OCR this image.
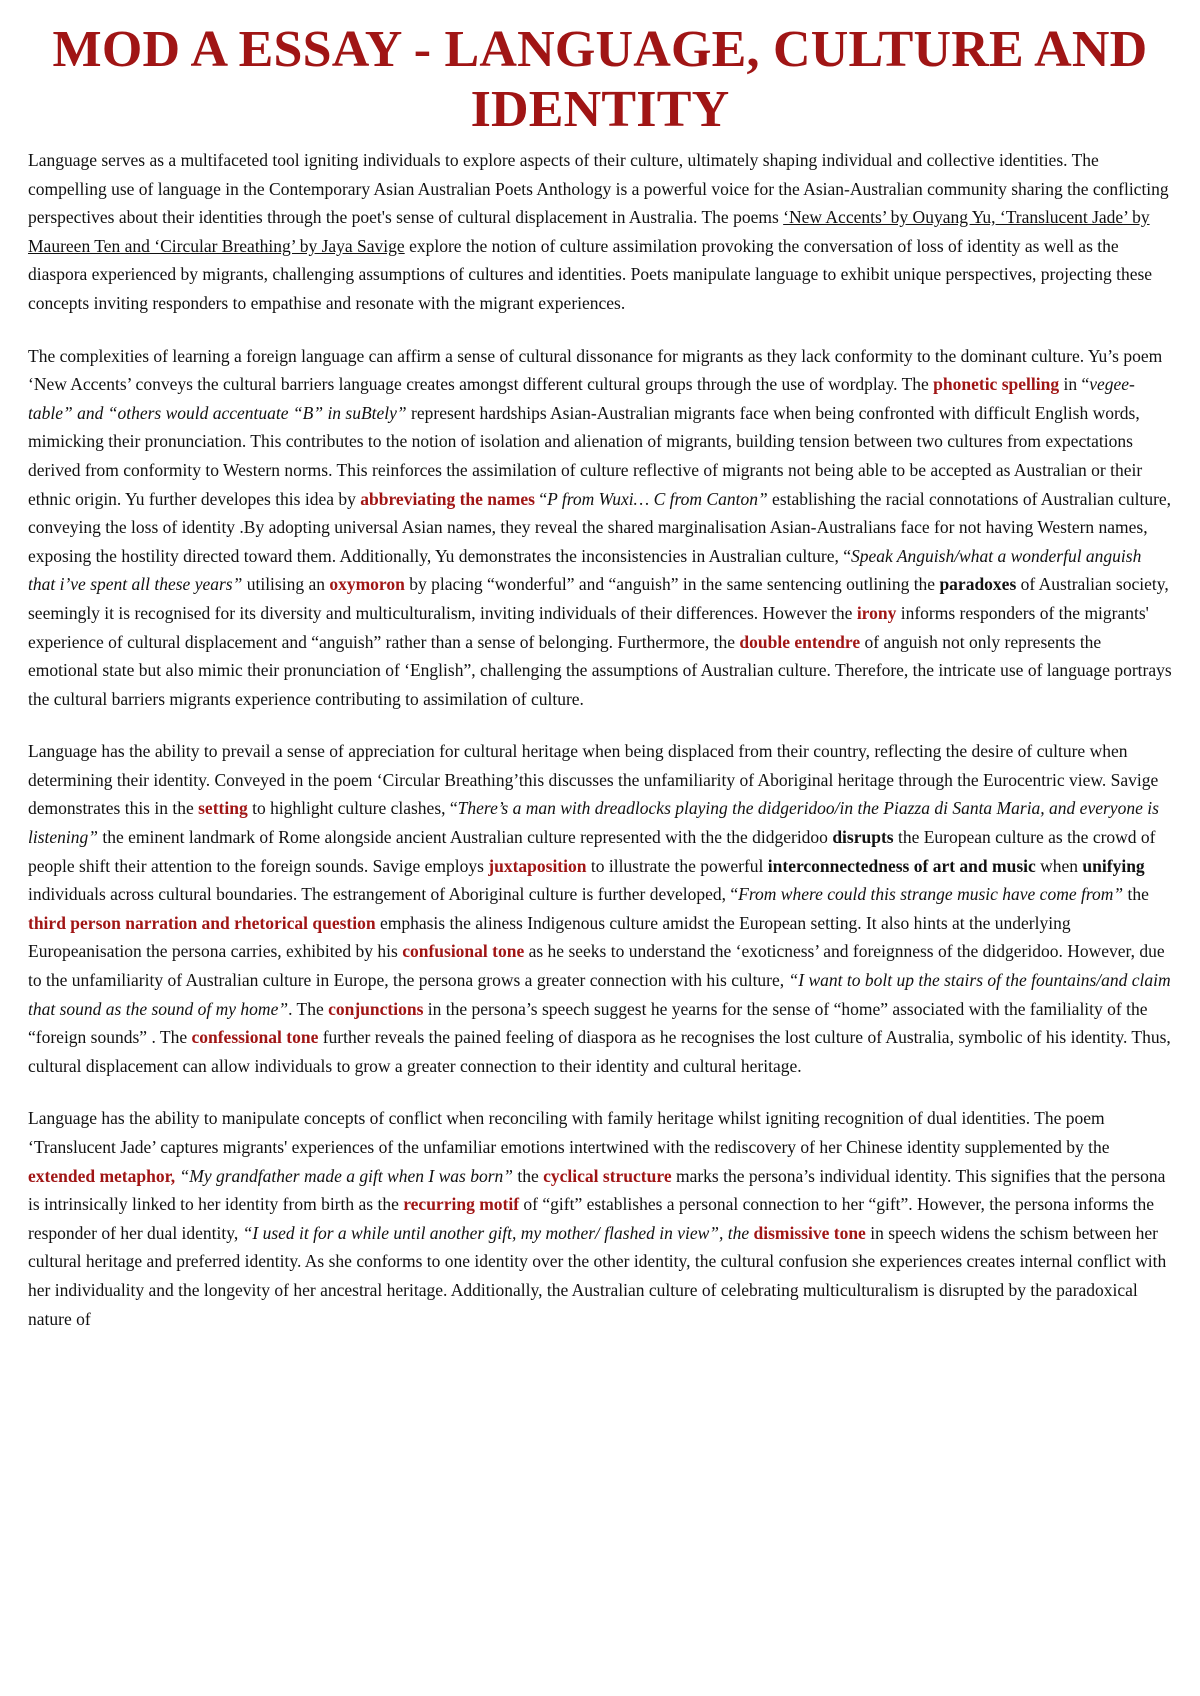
MOD A ESSAY - LANGUAGE, CULTURE AND IDENTITY

Language serves as a multifaceted tool igniting individuals to explore aspects of their culture, ultimately shaping individual and collective identities. The compelling use of language in the Contemporary Asian Australian Poets Anthology is a powerful voice for the Asian-Australian community sharing the conflicting perspectives about their identities through the poet's sense of cultural displacement in Australia. The poems ‘New Accents’ by Ouyang Yu, ‘Translucent Jade’ by Maureen Ten and ‘Circular Breathing’ by Jaya Savige explore the notion of culture assimilation provoking the conversation of loss of identity as well as the diaspora experienced by migrants, challenging assumptions of cultures and identities. Poets manipulate language to exhibit unique perspectives, projecting these concepts inviting responders to empathise and resonate with the migrant experiences.

The complexities of learning a foreign language can affirm a sense of cultural dissonance for migrants as they lack conformity to the dominant culture. Yu’s poem ‘New Accents’ conveys the cultural barriers language creates amongst different cultural groups through the use of wordplay. The phonetic spelling in “vegee-table” and “others would accentuate “B” in suBtely” represent hardships Asian-Australian migrants face when being confronted with difficult English words, mimicking their pronunciation. This contributes to the notion of isolation and alienation of migrants, building tension between two cultures from expectations derived from conformity to Western norms. This reinforces the assimilation of culture reflective of migrants not being able to be accepted as Australian or their ethnic origin. Yu further developes this idea by abbreviating the names “P from Wuxi… C from Canton” establishing the racial connotations of Australian culture, conveying the loss of identity .By adopting universal Asian names, they reveal the shared marginalisation Asian-Australians face for not having Western names, exposing the hostility directed toward them. Additionally, Yu demonstrates the inconsistencies in Australian culture, “Speak Anguish/what a wonderful anguish that i’ve spent all these years” utilising an oxymoron by placing “wonderful” and “anguish” in the same sentencing outlining the paradoxes of Australian society, seemingly it is recognised for its diversity and multiculturalism, inviting individuals of their differences. However the irony informs responders of the migrants' experience of cultural displacement and “anguish” rather than a sense of belonging. Furthermore, the double entendre of anguish not only represents the emotional state but also mimic their pronunciation of ‘English”, challenging the assumptions of Australian culture. Therefore, the intricate use of language portrays the cultural barriers migrants experience contributing to assimilation of culture.

Language has the ability to prevail a sense of appreciation for cultural heritage when being displaced from their country, reflecting the desire of culture when determining their identity. Conveyed in the poem ‘Circular Breathing’this discusses the unfamiliarity of Aboriginal heritage through the Eurocentric view. Savige demonstrates this in the setting to highlight culture clashes, “There’s a man with dreadlocks playing the didgeridoo/in the Piazza di Santa Maria, and everyone is listening” the eminent landmark of Rome alongside ancient Australian culture represented with the the didgeridoo disrupts the European culture as the crowd of people shift their attention to the foreign sounds. Savige employs juxtaposition to illustrate the powerful interconnectedness of art and music when unifying individuals across cultural boundaries. The estrangement of Aboriginal culture is further developed, “From where could this strange music have come from” the third person narration and rhetorical question emphasis the aliness Indigenous culture amidst the European setting. It also hints at the underlying Europeanisation the persona carries, exhibited by his confusional tone as he seeks to understand the ‘exoticness’ and foreignness of the didgeridoo. However, due to the unfamiliarity of Australian culture in Europe, the persona grows a greater connection with his culture, “I want to bolt up the stairs of the fountains/and claim that sound as the sound of my home”. The conjunctions in the persona’s speech suggest he yearns for the sense of “home” associated with the familiality of the “foreign sounds” . The confessional tone further reveals the pained feeling of diaspora as he recognises the lost culture of Australia, symbolic of his identity. Thus, cultural displacement can allow individuals to grow a greater connection to their identity and cultural heritage.

Language has the ability to manipulate concepts of conflict when reconciling with family heritage whilst igniting recognition of dual identities. The poem ‘Translucent Jade’ captures migrants' experiences of the unfamiliar emotions intertwined with the rediscovery of her Chinese identity supplemented by the extended metaphor, “My grandfather made a gift when I was born” the cyclical structure marks the persona’s individual identity. This signifies that the persona is intrinsically linked to her identity from birth as the recurring motif of “gift” establishes a personal connection to her “gift”. However, the persona informs the responder of her dual identity, “I used it for a while until another gift, my mother/ flashed in view”, the dismissive tone in speech widens the schism between her cultural heritage and preferred identity. As she conforms to one identity over the other identity, the cultural confusion she experiences creates internal conflict with her individuality and the longevity of her ancestral heritage. Additionally, the Australian culture of celebrating multiculturalism is disrupted by the paradoxical nature of
